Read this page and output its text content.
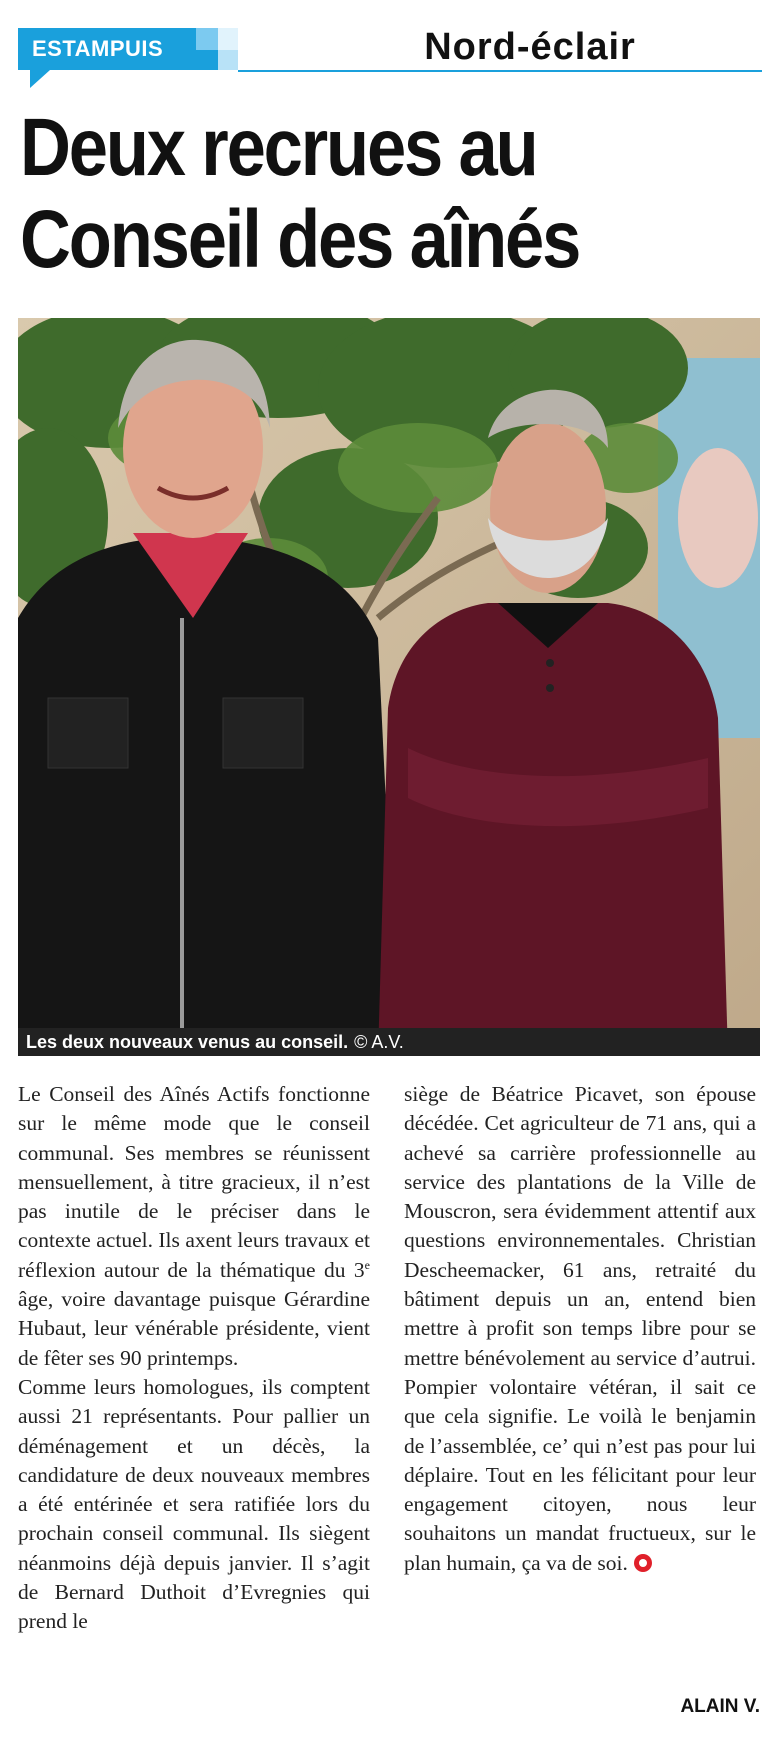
ESTAMPUIS	Nord-éclair
Deux recrues au
Conseil des aînés
Les deux nouveaux venus au conseil. © A.V.

Le Conseil des Aînés Actifs fonctionne sur le même mode que le conseil communal. Ses membres se réunissent mensuellement, à titre gracieux, il n’est pas inutile de le préciser dans le contexte actuel. Ils axent leurs travaux et réflexion autour de la thématique du 3e âge, voire davantage puisque Gérardine Hubaut, leur vénérable présidente, vient de fêter ses 90 printemps.

Comme leurs homologues, ils comptent aussi 21 représentants. Pour pallier un déménagement et un décès, la candidature de deux nouveaux membres a été entérinée et sera ratifiée lors du prochain conseil communal. Ils siègent néanmoins déjà depuis janvier. Il s’agit de Bernard Duthoit d’Evregnies qui prend le

siège de Béatrice Picavet, son épouse décédée. Cet agriculteur de 71 ans, qui a achevé sa carrière professionnelle au service des plantations de la Ville de Mouscron, sera évidemment attentif aux questions environnementales. Christian Descheemacker, 61 ans, retraité du bâtiment depuis un an, entend bien mettre à profit son temps libre pour se mettre bénévolement au service d’autrui. Pompier volontaire vétéran, il sait ce que cela signifie. Le voilà le benjamin de l’assemblée, ce’ qui n’est pas pour lui déplaire. Tout en les félicitant pour leur engagement citoyen, nous leur souhaitons un mandat fructueux, sur le plan humain, ça va de soi.

ALAIN V.
